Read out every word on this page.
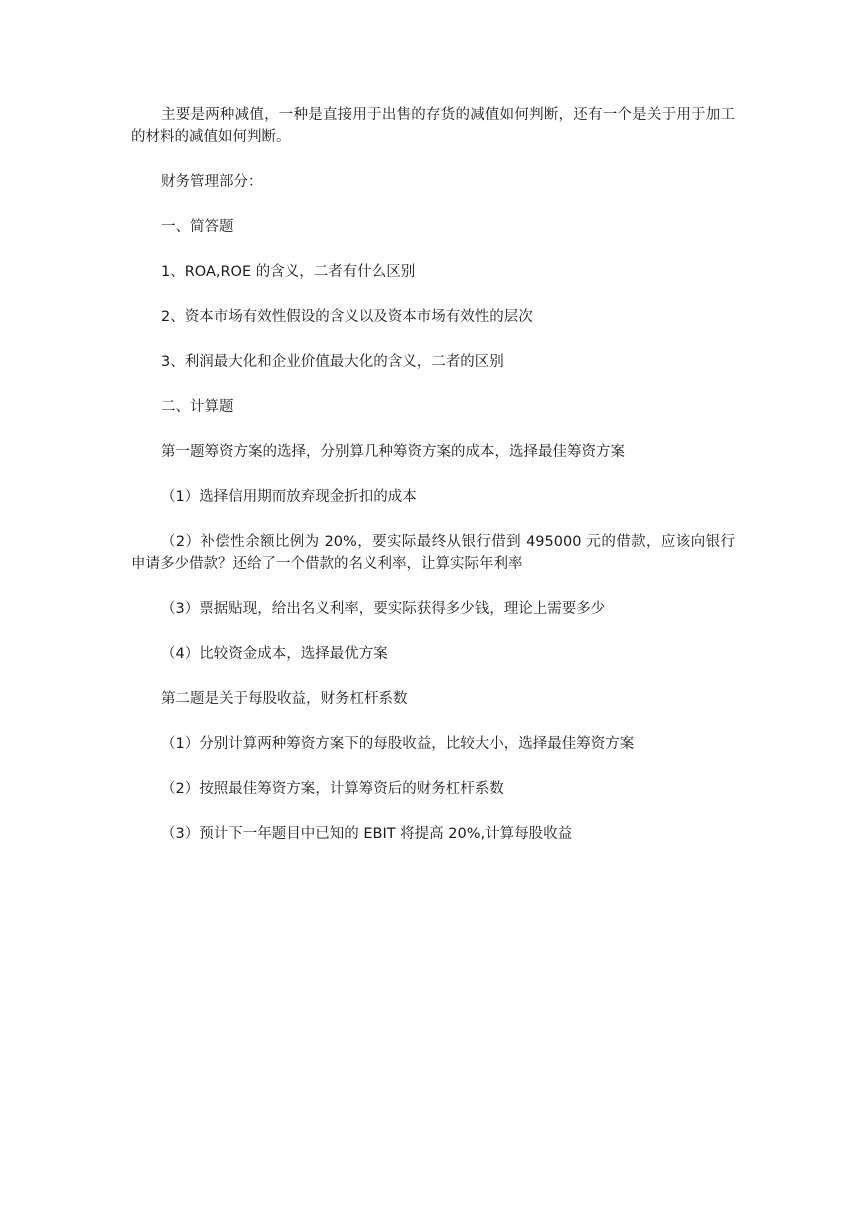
主要是两种减值，一种是直接用于出售的存货的减值如何判断，还有一个是关于用于加工的材料的减值如何判断。

财务管理部分：

一、简答题

1、ROA,ROE 的含义，二者有什么区别

2、资本市场有效性假设的含义以及资本市场有效性的层次

3、利润最大化和企业价值最大化的含义，二者的区别

二、计算题

第一题筹资方案的选择，分别算几种筹资方案的成本，选择最佳筹资方案

（1）选择信用期而放弃现金折扣的成本

（2）补偿性余额比例为 20%，要实际最终从银行借到 495000 元的借款，应该向银行申请多少借款？还给了一个借款的名义利率，让算实际年利率

（3）票据贴现，给出名义利率，要实际获得多少钱，理论上需要多少

（4）比较资金成本，选择最优方案

第二题是关于每股收益，财务杠杆系数

（1）分别计算两种筹资方案下的每股收益，比较大小，选择最佳筹资方案

（2）按照最佳筹资方案，计算筹资后的财务杠杆系数

（3）预计下一年题目中已知的 EBIT 将提高 20%,计算每股收益
